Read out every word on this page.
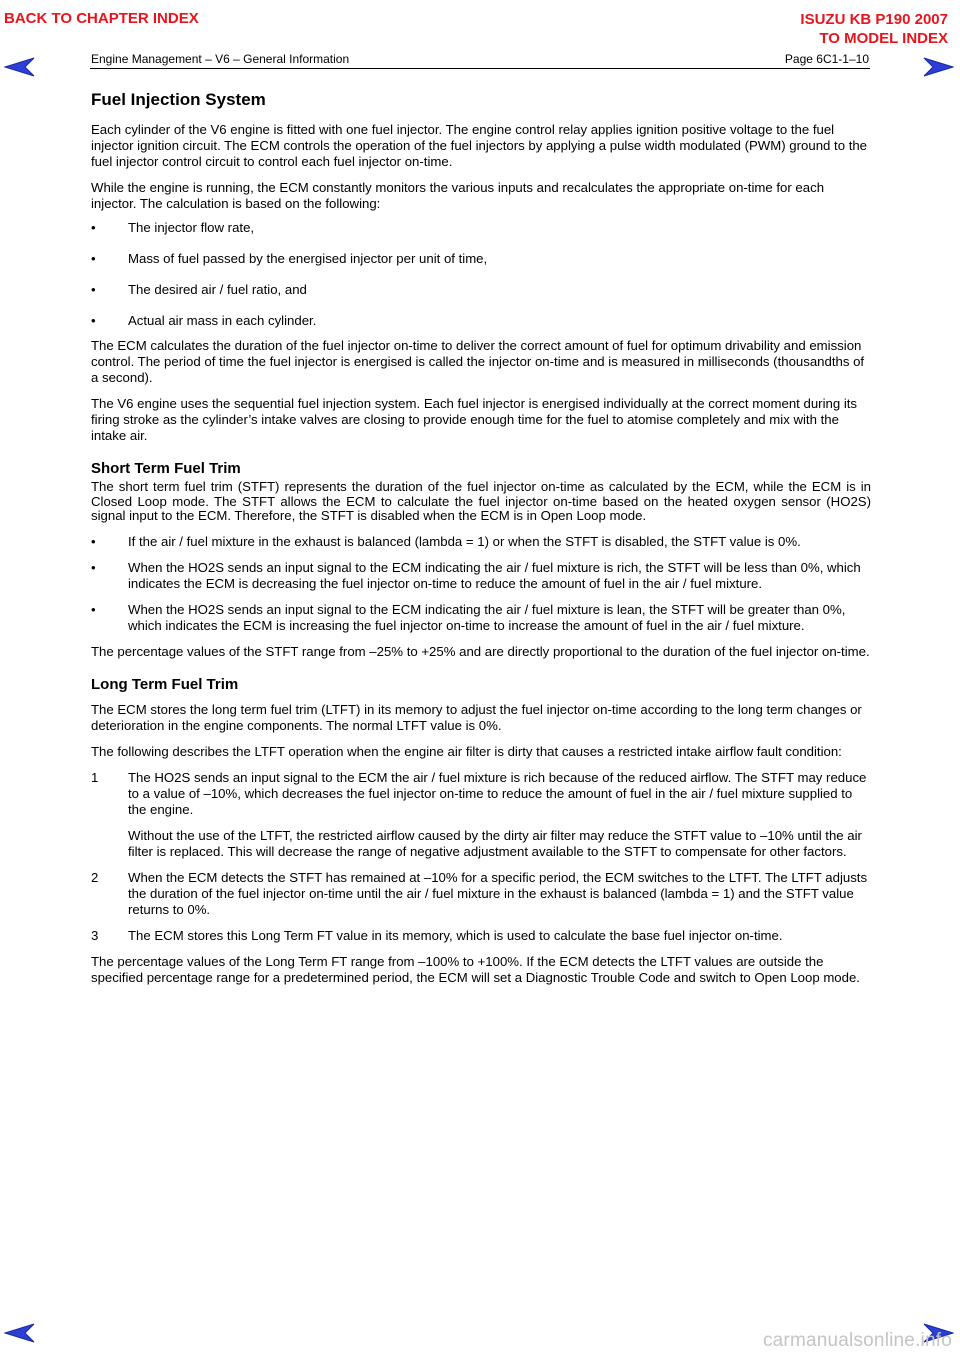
BACK TO CHAPTER INDEX	ISUZU KB P190 2007
TO MODEL INDEX
Engine Management – V6 – General Information	Page 6C1-1–10
Fuel Injection System

Each cylinder of the V6 engine is fitted with one fuel injector. The engine control relay applies ignition positive voltage to the fuel injector ignition circuit. The ECM controls the operation of the fuel injectors by applying a pulse width modulated (PWM) ground to the fuel injector control circuit to control each fuel injector on-time.

While the engine is running, the ECM constantly monitors the various inputs and recalculates the appropriate on-time for each injector. The calculation is based on the following:

•	The injector flow rate,
•	Mass of fuel passed by the energised injector per unit of time,
•	The desired air / fuel ratio, and
•	Actual air mass in each cylinder.

The ECM calculates the duration of the fuel injector on-time to deliver the correct amount of fuel for optimum drivability and emission control. The period of time the fuel injector is energised is called the injector on-time and is measured in milliseconds (thousandths of a second).

The V6 engine uses the sequential fuel injection system. Each fuel injector is energised individually at the correct moment during its firing stroke as the cylinder’s intake valves are closing to provide enough time for the fuel to atomise completely and mix with the intake air.

Short Term Fuel Trim

The short term fuel trim (STFT) represents the duration of the fuel injector on-time as calculated by the ECM, while the ECM is in Closed Loop mode. The STFT allows the ECM to calculate the fuel injector on-time based on the heated oxygen sensor (HO2S) signal input to the ECM. Therefore, the STFT is disabled when the ECM is in Open Loop mode.

•	If the air / fuel mixture in the exhaust is balanced (lambda = 1) or when the STFT is disabled, the STFT value is 0%.
•	When the HO2S sends an input signal to the ECM indicating the air / fuel mixture is rich, the STFT will be less than 0%, which indicates the ECM is decreasing the fuel injector on-time to reduce the amount of fuel in the air / fuel mixture.
•	When the HO2S sends an input signal to the ECM indicating the air / fuel mixture is lean, the STFT will be greater than 0%, which indicates the ECM is increasing the fuel injector on-time to increase the amount of fuel in the air / fuel mixture.

The percentage values of the STFT range from –25% to +25% and are directly proportional to the duration of the fuel injector on-time.

Long Term Fuel Trim

The ECM stores the long term fuel trim (LTFT) in its memory to adjust the fuel injector on-time according to the long term changes or deterioration in the engine components. The normal LTFT value is 0%.

The following describes the LTFT operation when the engine air filter is dirty that causes a restricted intake airflow fault condition:

1	The HO2S sends an input signal to the ECM the air / fuel mixture is rich because of the reduced airflow. The STFT may reduce to a value of –10%, which decreases the fuel injector on-time to reduce the amount of fuel in the air / fuel mixture supplied to the engine.

Without the use of the LTFT, the restricted airflow caused by the dirty air filter may reduce the STFT value to –10% until the air filter is replaced. This will decrease the range of negative adjustment available to the STFT to compensate for other factors.

2	When the ECM detects the STFT has remained at –10% for a specific period, the ECM switches to the LTFT. The LTFT adjusts the duration of the fuel injector on-time until the air / fuel mixture in the exhaust is balanced (lambda = 1) and the STFT value returns to 0%.
3	The ECM stores this Long Term FT value in its memory, which is used to calculate the base fuel injector on-time.

The percentage values of the Long Term FT range from –100% to +100%. If the ECM detects the LTFT values are outside the specified percentage range for a predetermined period, the ECM will set a Diagnostic Trouble Code and switch to Open Loop mode.

carmanualsonline.info
